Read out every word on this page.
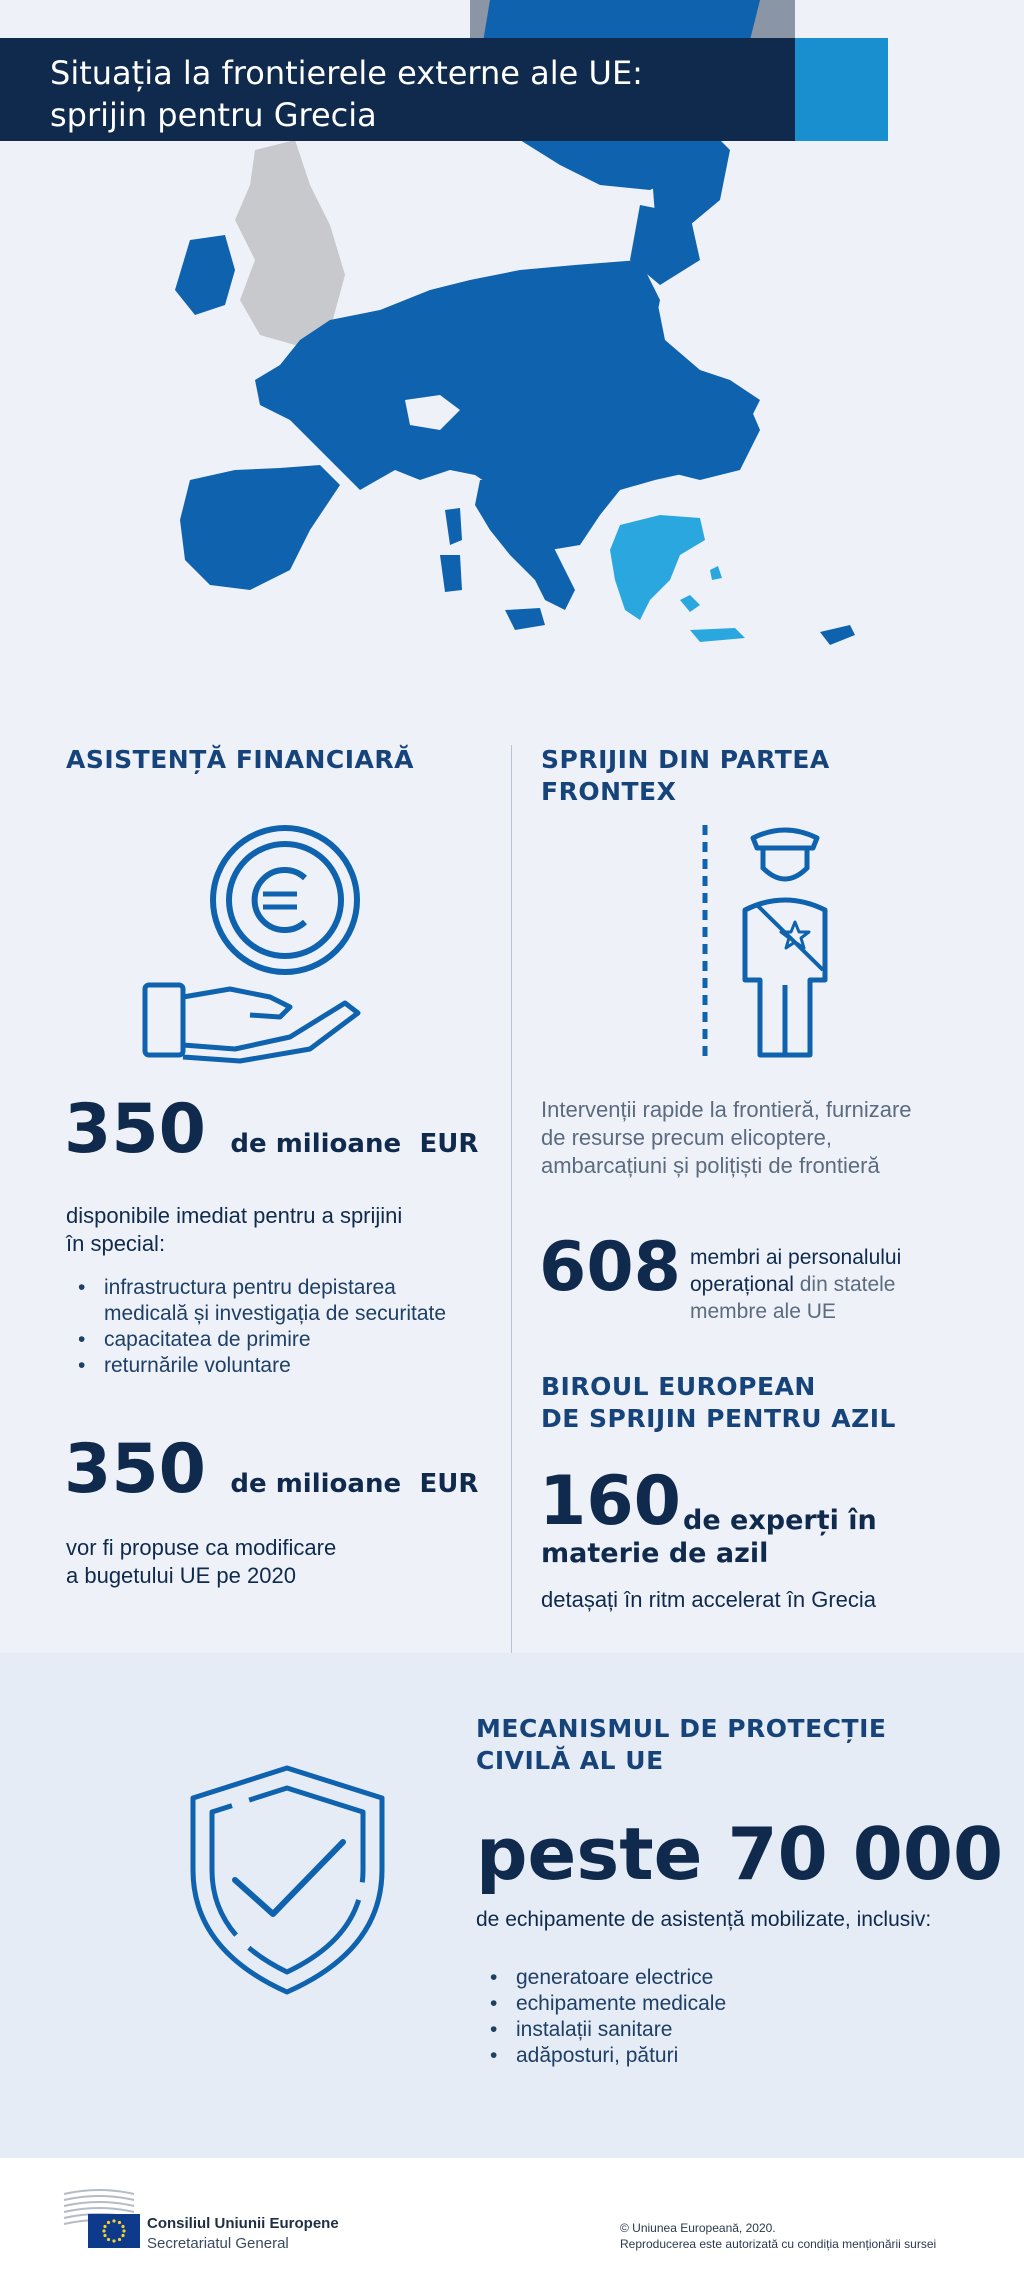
Situația la frontierele externe ale UE:
sprijin pentru Grecia
ASISTENȚĂ FINANCIARĂ
350 de milioane EUR
disponibile imediat pentru a sprijini
în special:
• infrastructura pentru depistarea
medicală și investigația de securitate
• capacitatea de primire
• returnările voluntare
350 de milioane EUR
vor fi propuse ca modificare
a bugetului UE pe 2020
SPRIJIN DIN PARTEA
FRONTEX
Intervenții rapide la frontieră, furnizare
de resurse precum elicoptere,
ambarcațiuni și polițiști de frontieră
608 membri ai personalului
operațional din statele
membre ale UE
BIROUL EUROPEAN
DE SPRIJIN PENTRU AZIL
160 de experți în
materie de azil
detașați în ritm accelerat în Grecia
MECANISMUL DE PROTECȚIE
CIVILĂ AL UE
peste 70 000
de echipamente de asistență mobilizate, inclusiv:
• generatoare electrice
• echipamente medicale
• instalații sanitare
• adăposturi, pături
Consiliul Uniunii Europene
Secretariatul General
© Uniunea Europeană, 2020.
Reproducerea este autorizată cu condiția menționării sursei
